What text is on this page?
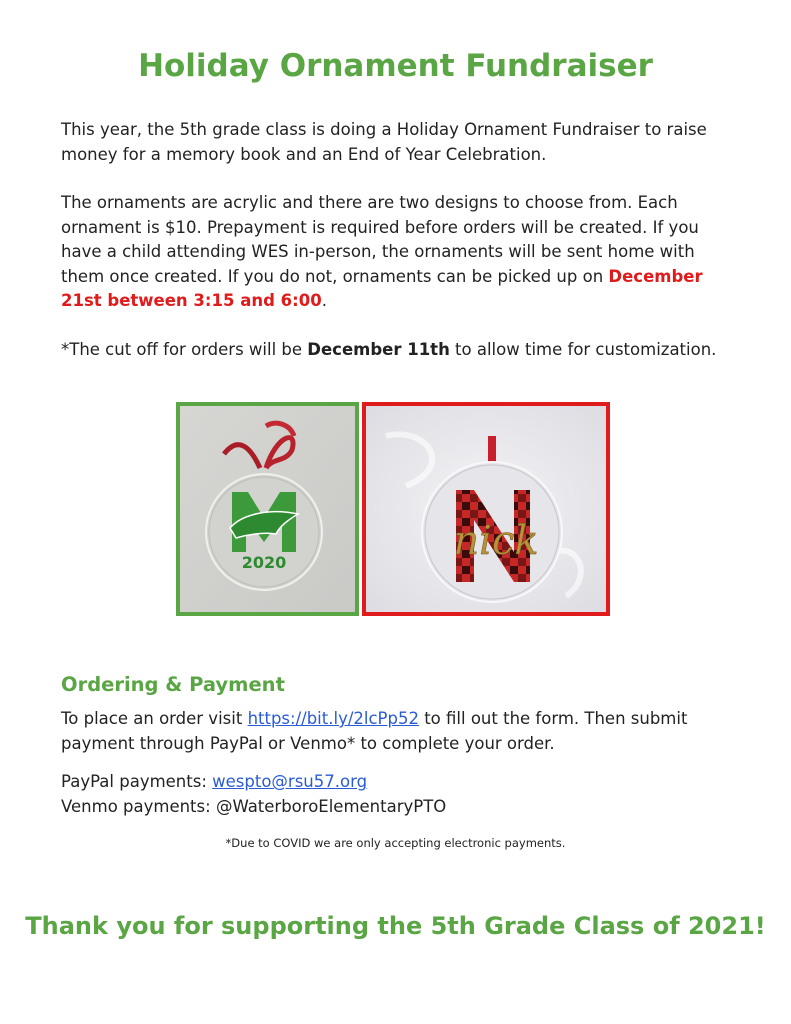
Holiday Ornament Fundraiser

This year, the 5th grade class is doing a Holiday Ornament Fundraiser to raise money for a memory book and an End of Year Celebration.

The ornaments are acrylic and there are two designs to choose from. Each ornament is $10. Prepayment is required before orders will be created. If you have a child attending WES in-person, the ornaments will be sent home with them once created. If you do not, ornaments can be picked up on December 21st between 3:15 and 6:00.

*The cut off for orders will be December 11th to allow time for customization.

2020	nick
Ordering & Payment

To place an order visit https://bit.ly/2lcPp52 to fill out the form. Then submit payment through PayPal or Venmo* to complete your order.

PayPal payments: wespto@rsu57.org
Venmo payments: @WaterboroElementaryPTO

*Due to COVID we are only accepting electronic payments.

Thank you for supporting the 5th Grade Class of 2021!
